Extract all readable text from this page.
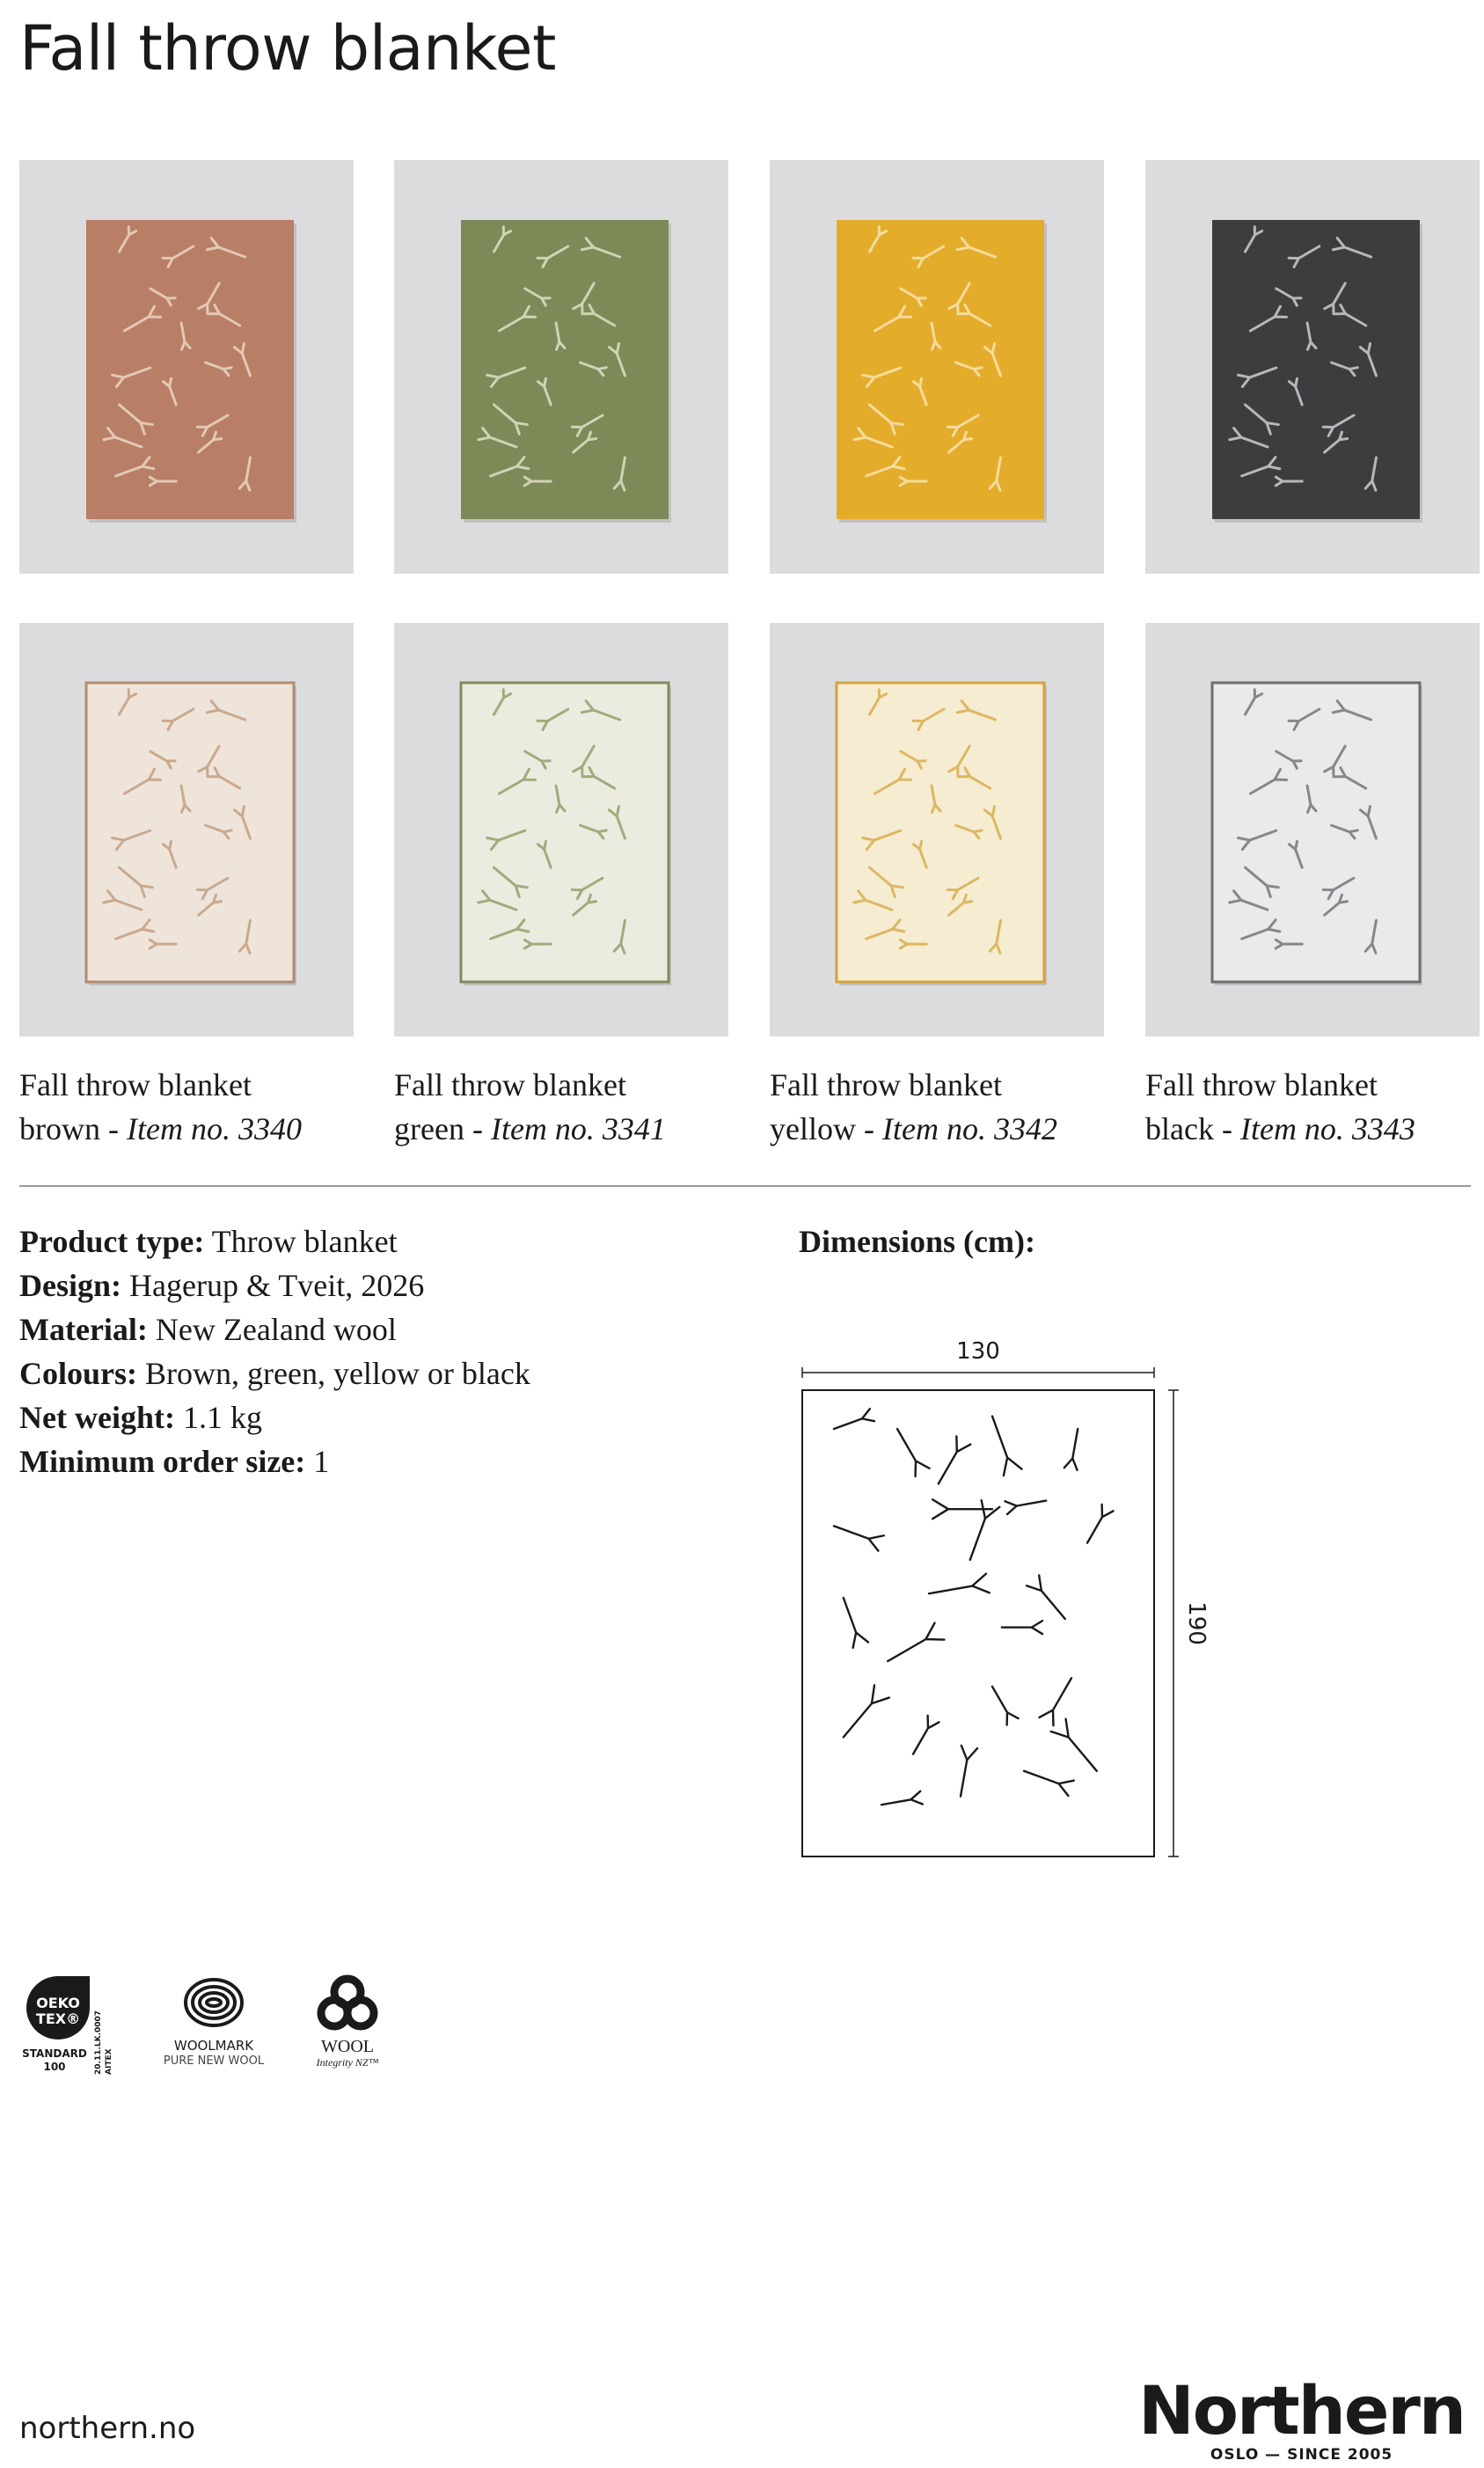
Fall throw blanket
Fall throw blanket
brown - Item no. 3340
Fall throw blanket
green - Item no. 3341
Fall throw blanket
yellow - Item no. 3342
Fall throw blanket
black - Item no. 3343
Product type: Throw blanket
Design: Hagerup & Tveit, 2026
Material: New Zealand wool
Colours: Brown, green, yellow or black
Net weight: 1.1 kg
Minimum order size: 1
Dimensions (cm):
130
190
OEKO
TEX®
STANDARD
100	20.11.LK.0007 AITEX
WOOLMARK
PURE NEW WOOL
WOOL
Integrity NZ™
northern.no	Northern
OSLO — SINCE 2005
